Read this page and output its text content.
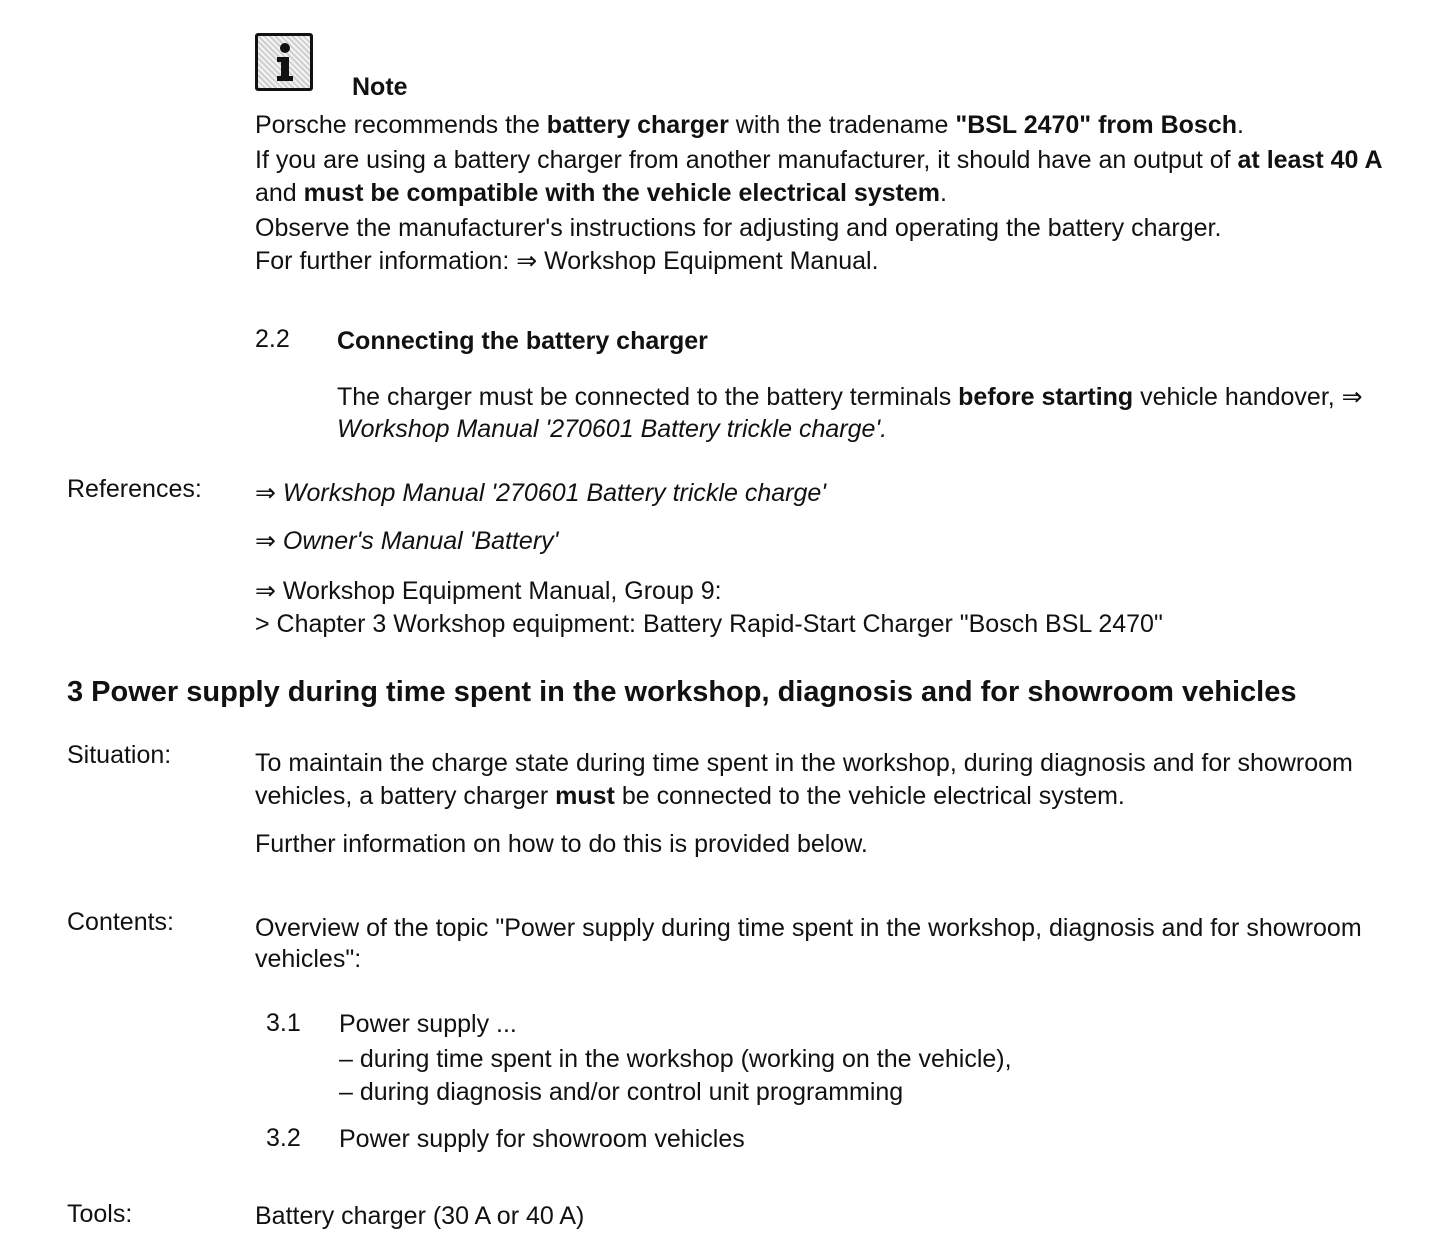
Note
Porsche recommends the battery charger with the tradename "BSL 2470" from Bosch.
If you are using a battery charger from another manufacturer, it should have an output of at least 40 A
and must be compatible with the vehicle electrical system.
Observe the manufacturer's instructions for adjusting and operating the battery charger.
For further information: ⇒ Workshop Equipment Manual.
2.2 Connecting the battery charger
The charger must be connected to the battery terminals before starting vehicle handover, ⇒
Workshop Manual '270601 Battery trickle charge'.
References: ⇒ Workshop Manual '270601 Battery trickle charge'
⇒ Owner's Manual 'Battery'
⇒ Workshop Equipment Manual, Group 9:
> Chapter 3 Workshop equipment: Battery Rapid-Start Charger "Bosch BSL 2470"
3 Power supply during time spent in the workshop, diagnosis and for showroom vehicles
Situation:	To maintain the charge state during time spent in the workshop, during diagnosis and for showroom
vehicles, a battery charger must be connected to the vehicle electrical system.
Further information on how to do this is provided below.
Contents:	Overview of the topic "Power supply during time spent in the workshop, diagnosis and for showroom
vehicles":
3.1 Power supply ...
– during time spent in the workshop (working on the vehicle),
– during diagnosis and/or control unit programming
3.2 Power supply for showroom vehicles
Tools:	Battery charger (30 A or 40 A)
